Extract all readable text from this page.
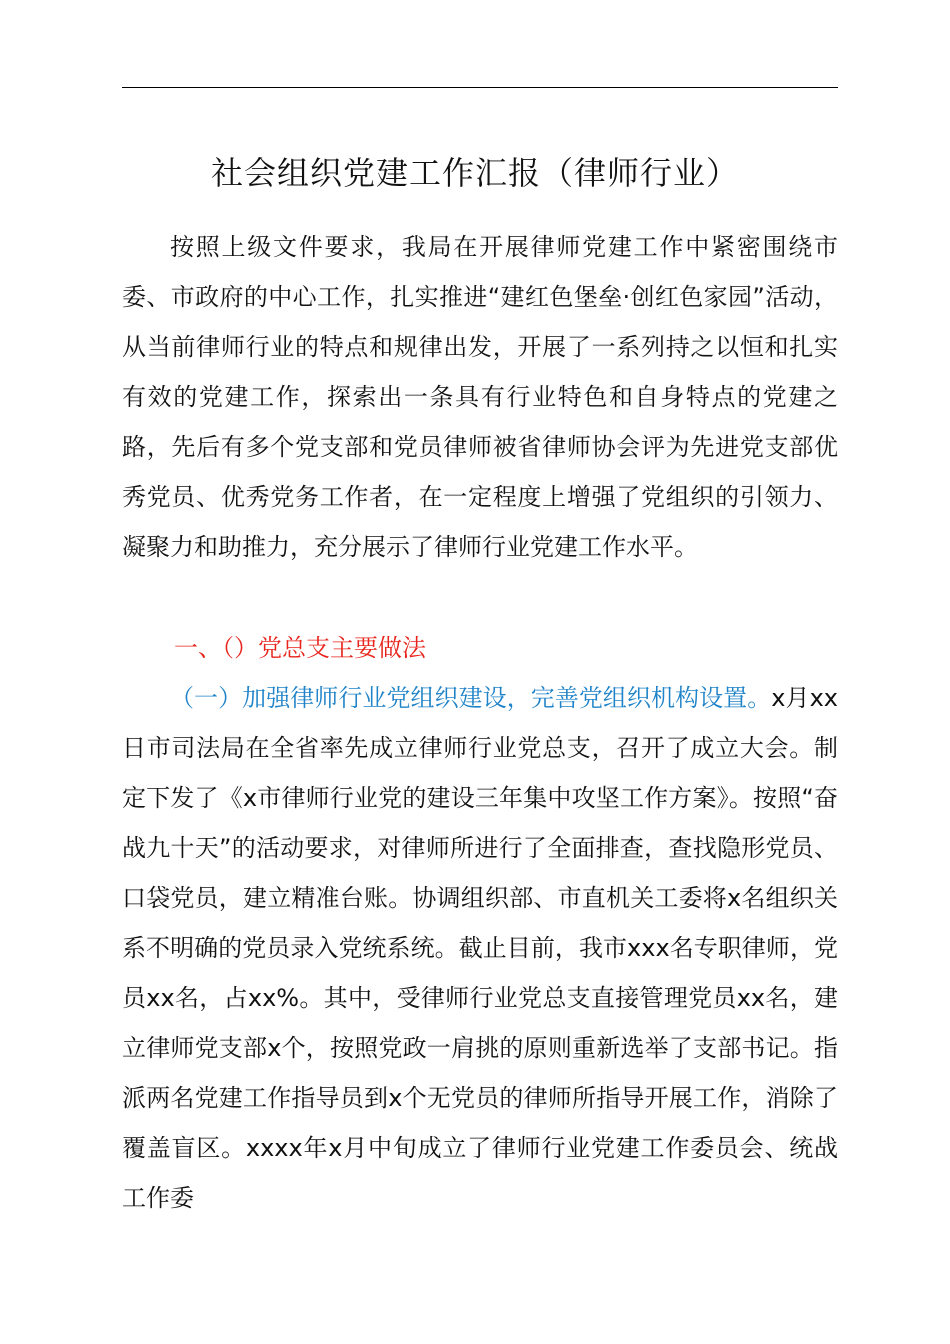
社会组织党建工作汇报（律师行业）

按照上级文件要求，我局在开展律师党建工作中紧密围绕市委、市政府的中心工作，扎实推进“建红色堡垒·创红色家园”活动，从当前律师行业的特点和规律出发，开展了一系列持之以恒和扎实有效的党建工作，探索出一条具有行业特色和自身特点的党建之路，先后有多个党支部和党员律师被省律师协会评为先进党支部优秀党员、优秀党务工作者，在一定程度上增强了党组织的引领力、凝聚力和助推力，充分展示了律师行业党建工作水平。

一、（）党总支主要做法

（一）加强律师行业党组织建设，完善党组织机构设置。x月xx日市司法局在全省率先成立律师行业党总支，召开了成立大会。制定下发了《x市律师行业党的建设三年集中攻坚工作方案》。按照“奋战九十天”的活动要求，对律师所进行了全面排查，查找隐形党员、口袋党员，建立精准台账。协调组织部、市直机关工委将x名组织关系不明确的党员录入党统系统。截止目前，我市xxx名专职律师，党员xx名，占xx%。其中，受律师行业党总支直接管理党员xx名，建立律师党支部x个，按照党政一肩挑的原则重新选举了支部书记。指派两名党建工作指导员到x个无党员的律师所指导开展工作，消除了覆盖盲区。xxxx年x月中旬成立了律师行业党建工作委员会、统战工作委
